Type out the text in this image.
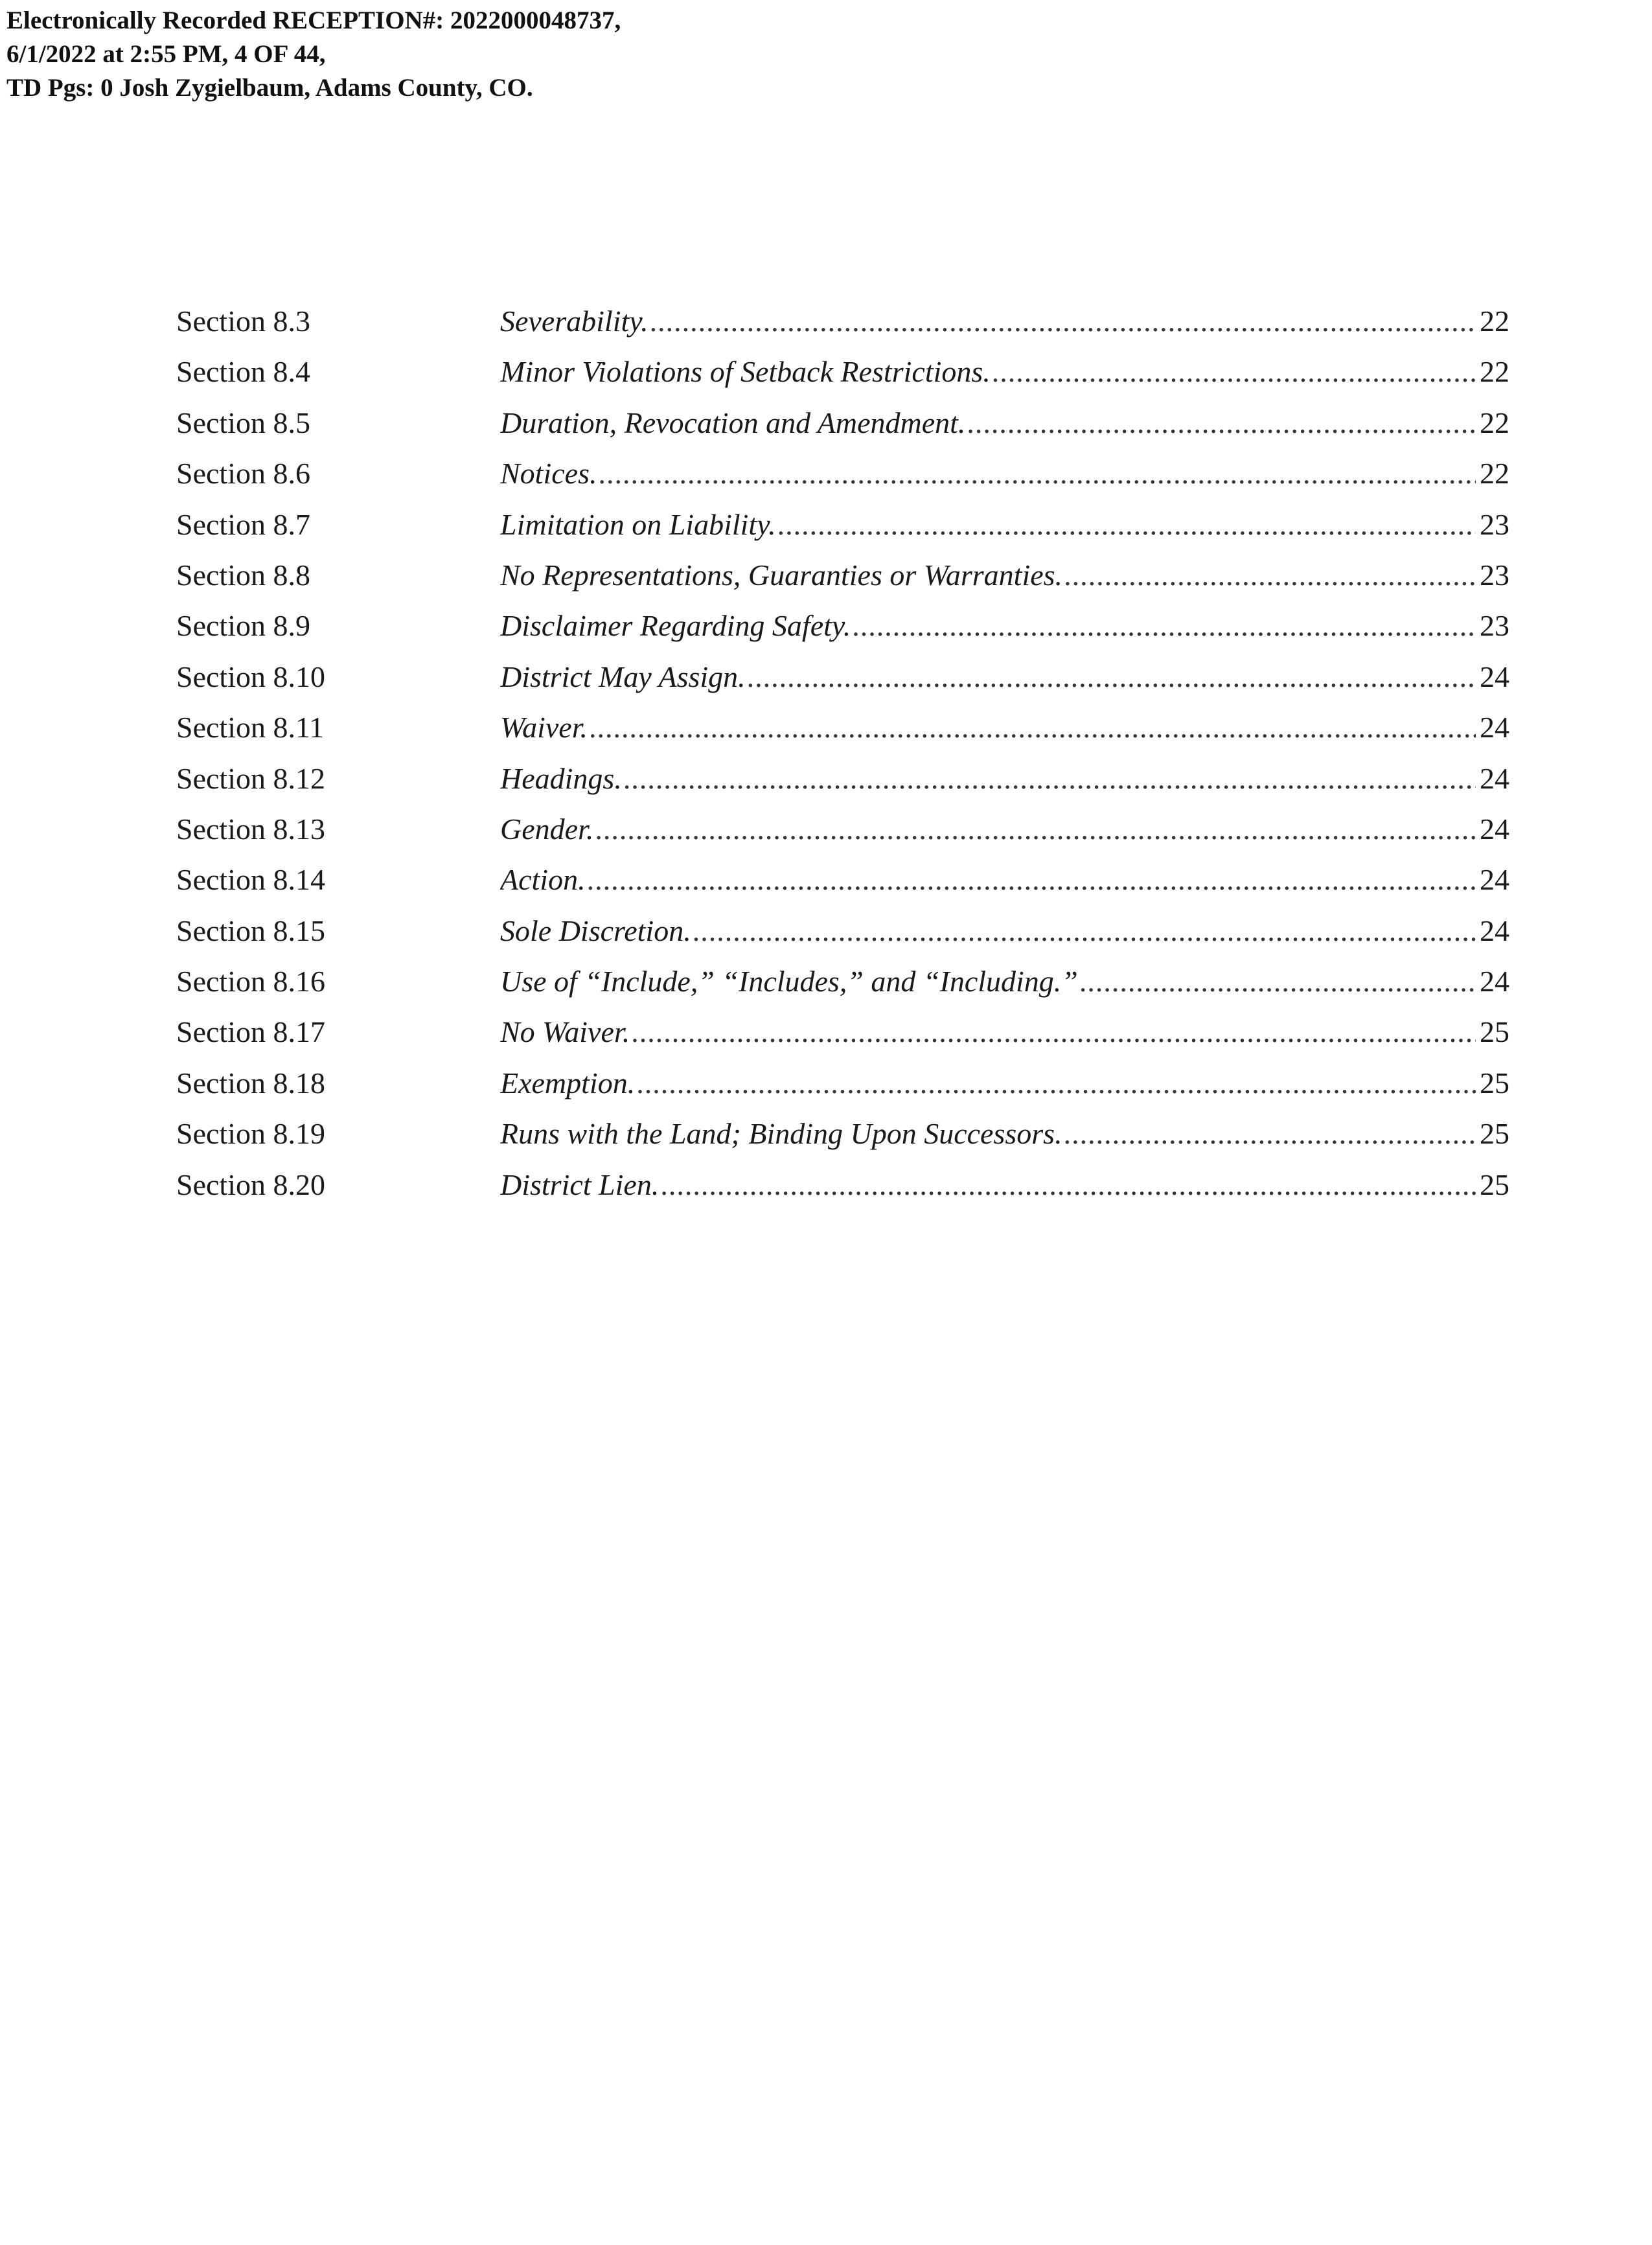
Electronically Recorded RECEPTION#: 2022000048737,
6/1/2022 at 2:55 PM, 4 OF 44,
TD Pgs: 0 Josh Zygielbaum, Adams County, CO.
Section 8.3	Severability. .....	22
Section 8.4	Minor Violations of Setback Restrictions. .....	22
Section 8.5	Duration, Revocation and Amendment. .....	22
Section 8.6	Notices. .....	22
Section 8.7	Limitation on Liability. .....	23
Section 8.8	No Representations, Guaranties or Warranties. .....	23
Section 8.9	Disclaimer Regarding Safety. .....	23
Section 8.10	District May Assign. .....	24
Section 8.11	Waiver. .....	24
Section 8.12	Headings. .....	24
Section 8.13	Gender. .....	24
Section 8.14	Action. .....	24
Section 8.15	Sole Discretion. .....	24
Section 8.16	Use of “Include,” “Includes,” and “Including.” .....	24
Section 8.17	No Waiver. .....	25
Section 8.18	Exemption. .....	25
Section 8.19	Runs with the Land; Binding Upon Successors. .....	25
Section 8.20	District Lien. .....	25
